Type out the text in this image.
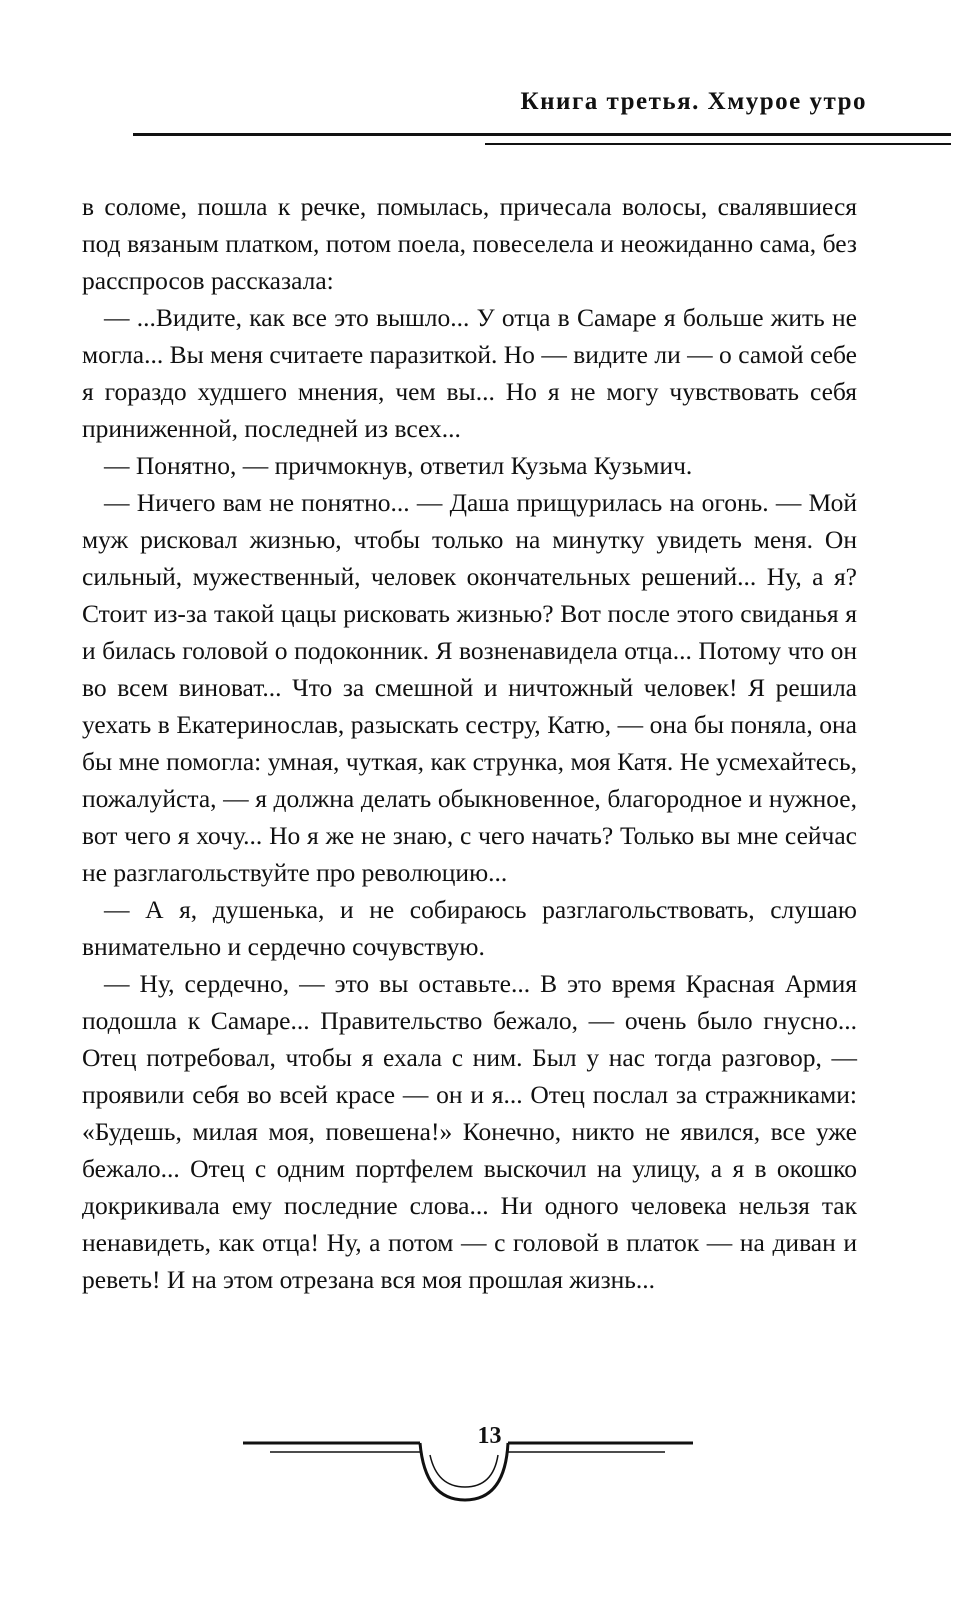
Книга третья. Хмурое утро

в соломе, пошла к речке, помылась, причесала волосы, свалявшиеся под вязаным платком, потом поела, повеселела и неожиданно сама, без расспросов рассказала:

— ...Видите, как все это вышло... У отца в Самаре я больше жить не могла... Вы меня считаете паразиткой. Но — видите ли — о самой себе я гораздо худшего мнения, чем вы... Но я не могу чувствовать себя приниженной, последней из всех...

— Понятно, — причмокнув, ответил Кузьма Кузьмич.

— Ничего вам не понятно... — Даша прищурилась на огонь. — Мой муж рисковал жизнью, чтобы только на минутку увидеть меня. Он сильный, мужественный, человек окончательных решений... Ну, а я? Стоит из-за такой цацы рисковать жизнью? Вот после этого свиданья я и билась головой о подоконник. Я возненавидела отца... Потому что он во всем виноват... Что за смешной и ничтожный человек! Я решила уехать в Екатеринослав, разыскать сестру, Катю, — она бы поняла, она бы мне помогла: умная, чуткая, как струнка, моя Катя. Не усмехайтесь, пожалуйста, — я должна делать обыкновенное, благородное и нужное, вот чего я хочу... Но я же не знаю, с чего начать? Только вы мне сейчас не разглагольствуйте про революцию...

— А я, душенька, и не собираюсь разглагольствовать, слушаю внимательно и сердечно сочувствую.

— Ну, сердечно, — это вы оставьте... В это время Красная Армия подошла к Самаре... Правительство бежало, — очень было гнусно... Отец потребовал, чтобы я ехала с ним. Был у нас тогда разговор, — проявили себя во всей красе — он и я... Отец послал за стражниками: «Будешь, милая моя, повешена!» Конечно, никто не явился, все уже бежало... Отец с одним портфелем выскочил на улицу, а я в окошко докрикивала ему последние слова... Ни одного человека нельзя так ненавидеть, как отца! Ну, а потом — с головой в платок — на диван и реветь! И на этом отрезана вся моя прошлая жизнь...

13
